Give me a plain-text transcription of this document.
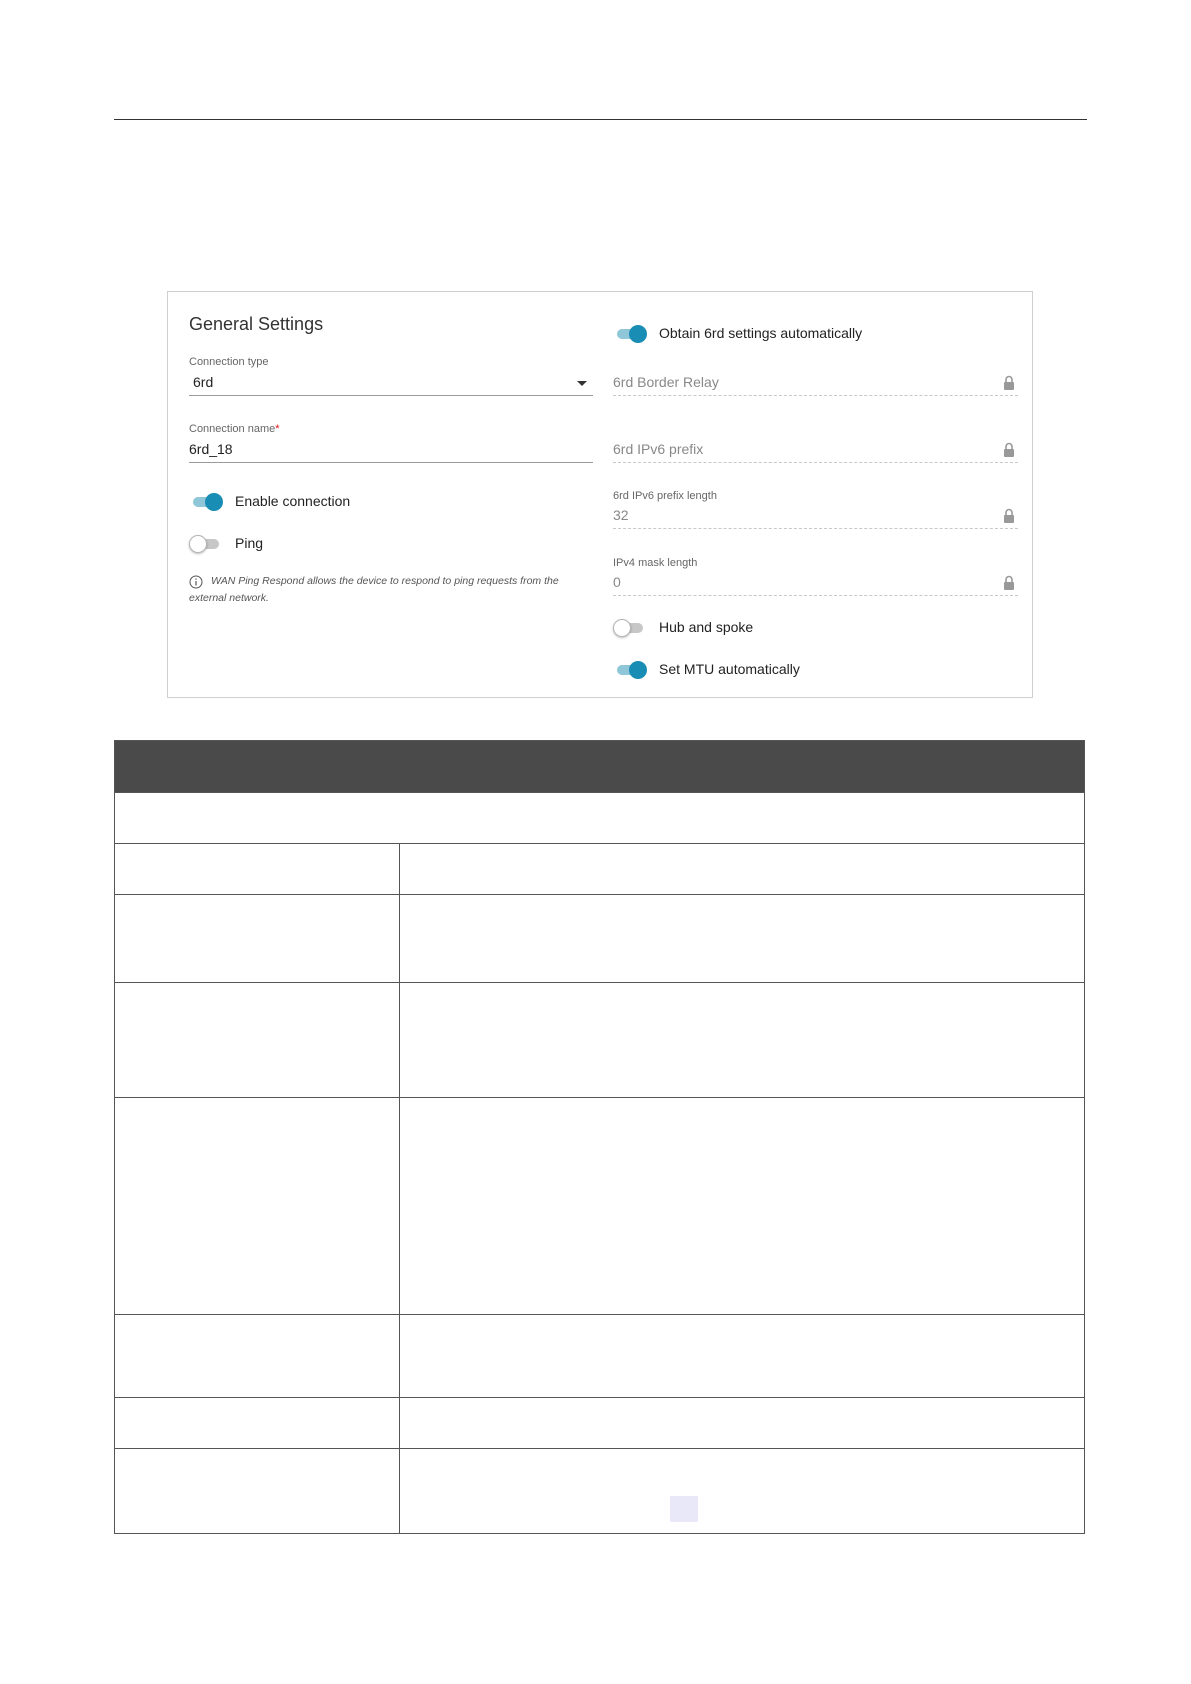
General Settings
Connection type
6rd
Connection name*
6rd_18
Enable connection
Ping
WAN Ping Respond allows the device to respond to ping requests from the external network.
Obtain 6rd settings automatically
6rd Border Relay
6rd IPv6 prefix
6rd IPv6 prefix length
32
IPv4 mask length
0
Hub and spoke
Set MTU automatically
